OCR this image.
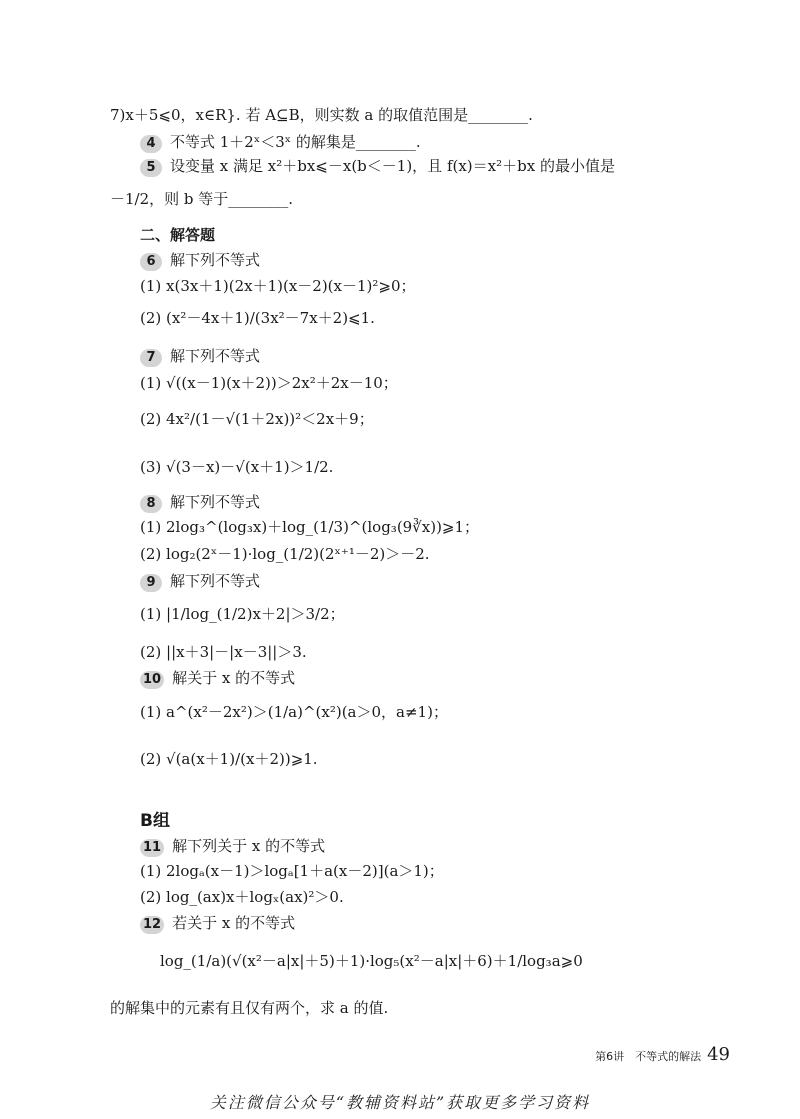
7)x＋5⩽0，x∈R}. 若 A⊆B，则实数 a 的取值范围是________.
4 不等式 1＋2ˣ＜3ˣ 的解集是________.
5 设变量 x 满足 x²＋bx⩽－x(b＜－1)，且 f(x)＝x²＋bx 的最小值是
－1/2，则 b 等于________.
二、解答题
6 解下列不等式
(1) x(3x＋1)(2x＋1)(x－2)(x－1)²⩾0；
(2) (x²－4x＋1)/(3x²－7x＋2)⩽1.
7 解下列不等式
(1) √((x－1)(x＋2))＞2x²＋2x－10；
(2) 4x²/(1－√(1＋2x))²＜2x＋9；
(3) √(3－x)－√(x＋1)＞1/2.
8 解下列不等式
(1) 2log₃^(log₃x)＋log_(1/3)^(log₃(9∛x))⩾1；
(2) log₂(2ˣ－1)·log_(1/2)(2ˣ⁺¹－2)＞－2.
9 解下列不等式
(1) |1/log_(1/2)x＋2|＞3/2；
(2) ||x＋3|－|x－3||＞3.
10 解关于 x 的不等式
(1) a^(x²－2x²)＞(1/a)^(x²)(a＞0，a≠1)；
(2) √(a(x＋1)/(x＋2))⩾1.
B组
11 解下列关于 x 的不等式
(1) 2logₐ(x－1)＞logₐ[1＋a(x－2)](a＞1)；
(2) log_(ax)x＋logₓ(ax)²＞0.
12 若关于 x 的不等式
log_(1/a)(√(x²－a|x|＋5)＋1)·log₅(x²－a|x|＋6)＋1/log₃a⩾0
的解集中的元素有且仅有两个，求 a 的值.
第6讲　不等式的解法 49
关注微信公众号“教辅资料站”获取更多学习资料
